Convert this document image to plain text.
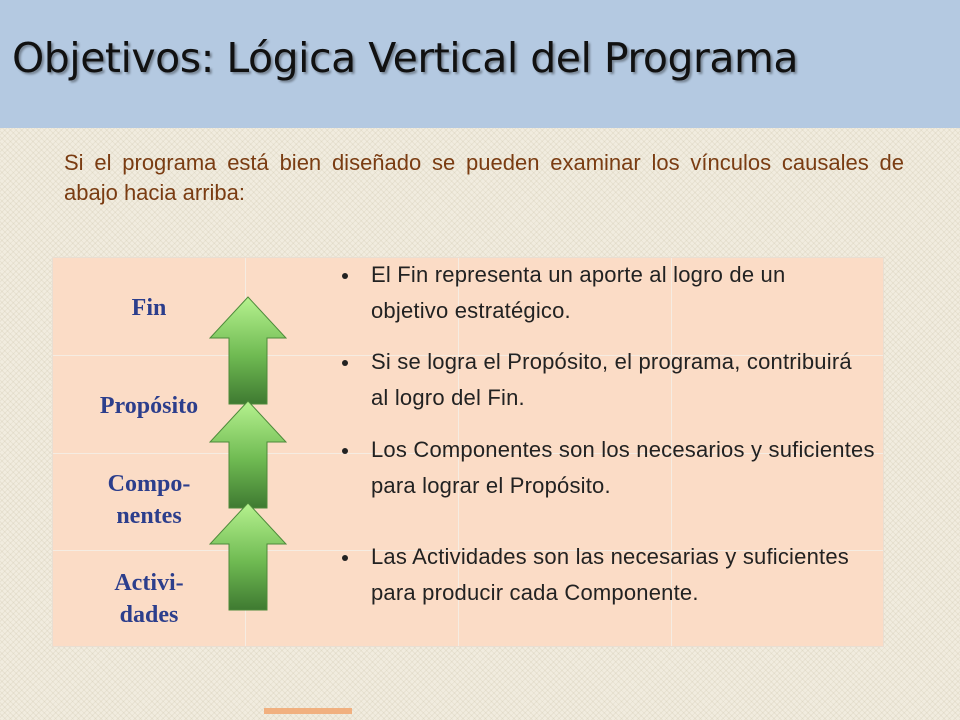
Objetivos: Lógica Vertical del Programa

Si el programa está bien diseñado se pueden examinar los vínculos causales de abajo hacia arriba:

Fin
Propósito
Compo-
nentes
Activi-
dades
El Fin representa un aporte al logro de un objetivo estratégico.
Si se logra el Propósito, el programa, contribuirá al logro del Fin.
Los Componentes son los necesarios y suficientes para lograr el Propósito.
Las Actividades son las necesarias y suficientes para producir cada Componente.
